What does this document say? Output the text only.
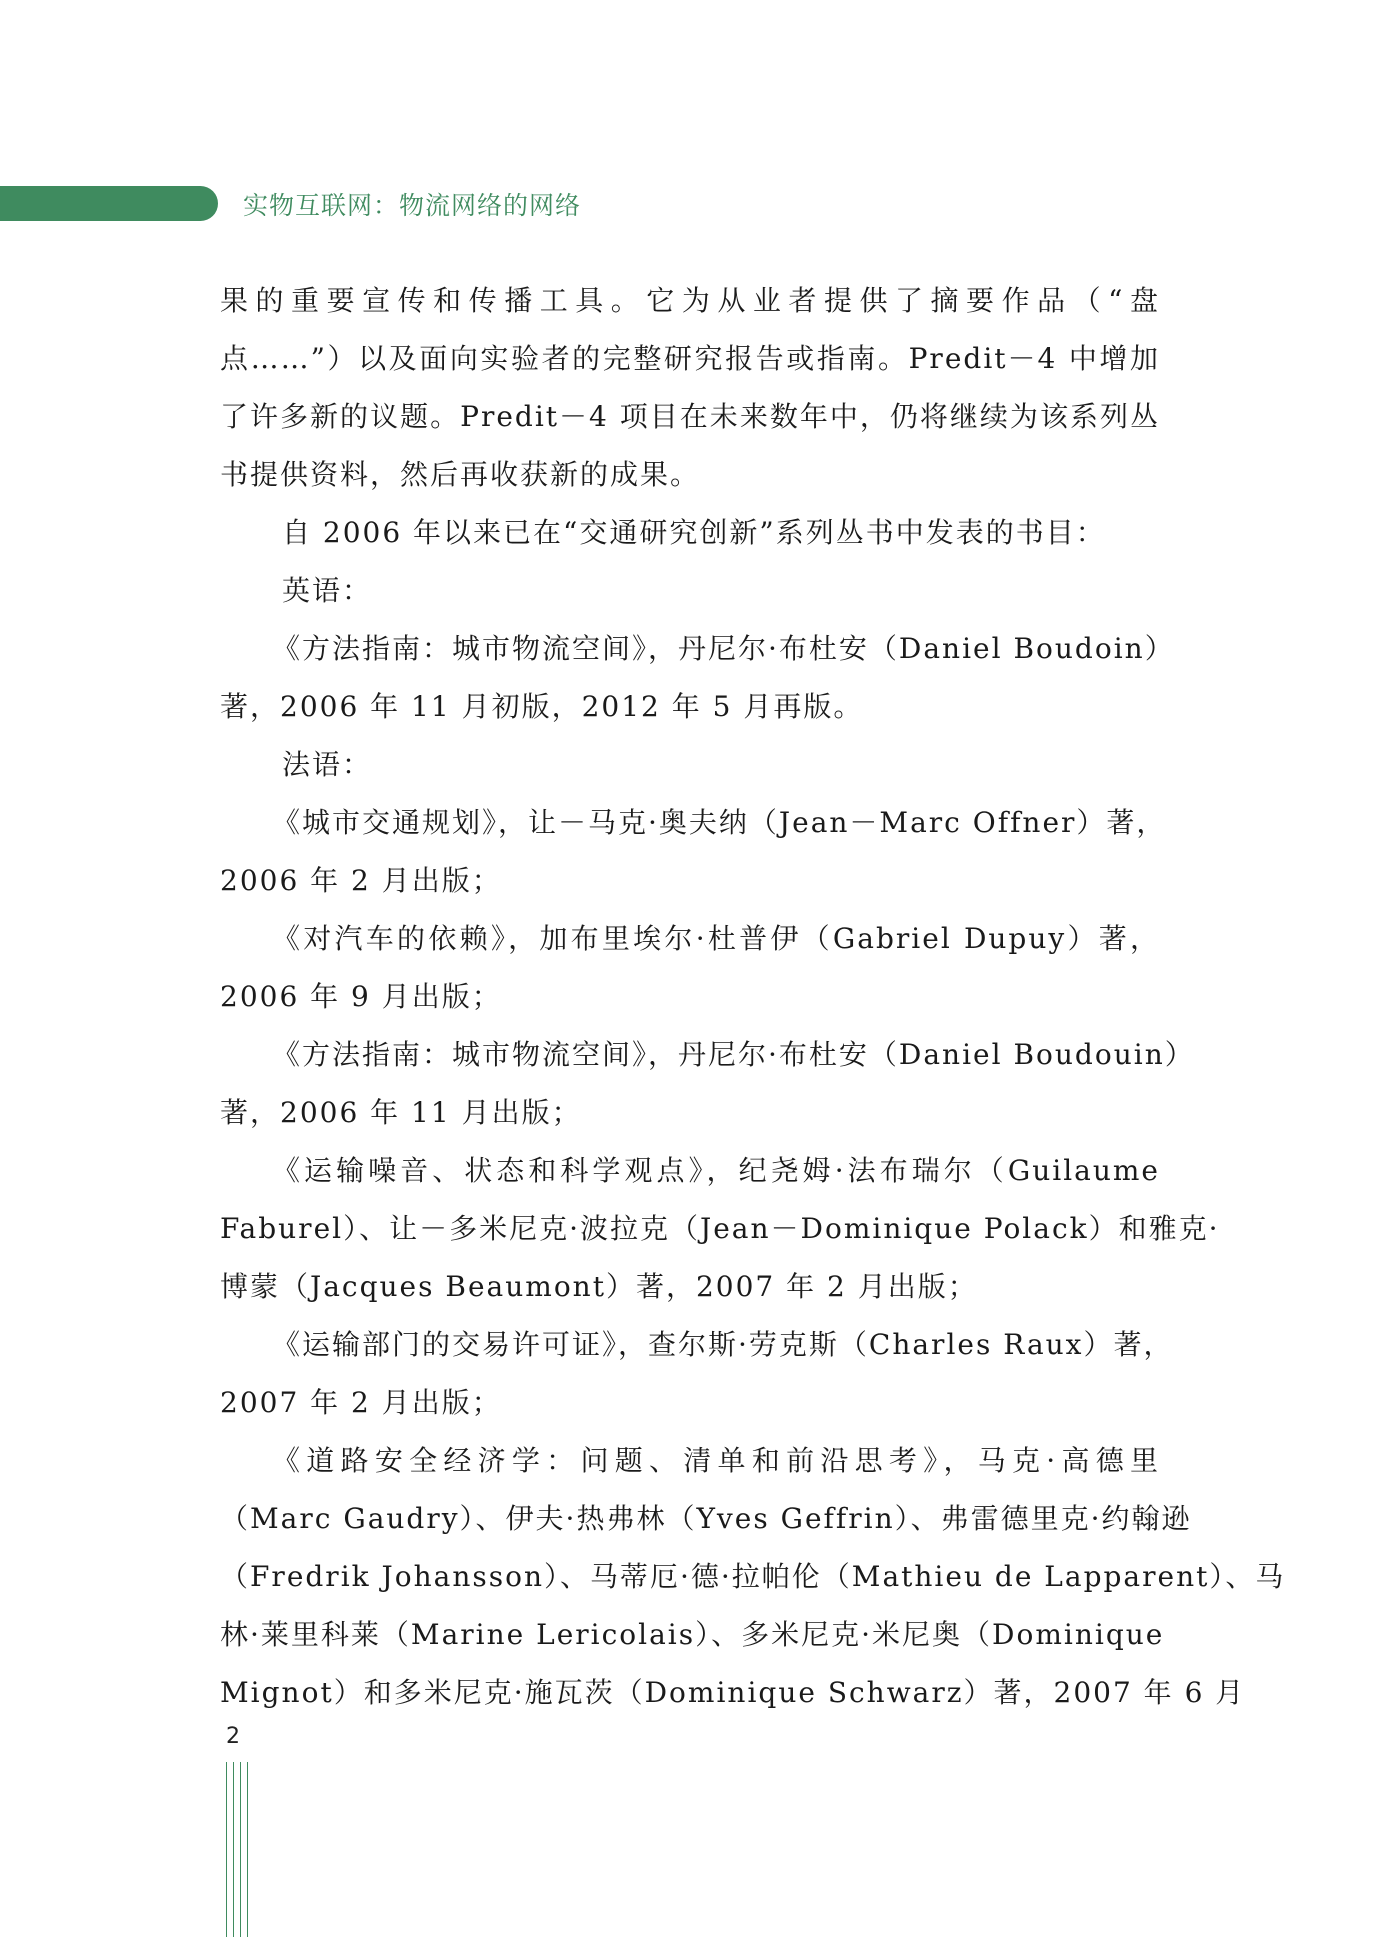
实物互联网：物流网络的网络
果的重要宣传和传播工具。它为从业者提供了摘要作品（“盘
点……”）以及面向实验者的完整研究报告或指南。Predit－4 中增加
了许多新的议题。Predit－4 项目在未来数年中，仍将继续为该系列丛
书提供资料，然后再收获新的成果。
自 2006 年以来已在“交通研究创新”系列丛书中发表的书目：
英语：
《方法指南：城市物流空间》，丹尼尔·布杜安（Daniel Boudoin）
著，2006 年 11 月初版，2012 年 5 月再版。
法语：
《城市交通规划》，让－马克·奥夫纳（Jean－Marc Offner）著，
2006 年 2 月出版；
《对汽车的依赖》，加布里埃尔·杜普伊（Gabriel Dupuy）著，
2006 年 9 月出版；
《方法指南：城市物流空间》，丹尼尔·布杜安（Daniel Boudouin）
著，2006 年 11 月出版；
《运输噪音、状态和科学观点》，纪尧姆·法布瑞尔（Guilaume
Faburel）、让－多米尼克·波拉克（Jean－Dominique Polack）和雅克·
博蒙（Jacques Beaumont）著，2007 年 2 月出版；
《运输部门的交易许可证》，查尔斯·劳克斯（Charles Raux）著，
2007 年 2 月出版；
《道路安全经济学：问题、清单和前沿思考》，马克·高德里
（Marc Gaudry）、伊夫·热弗林（Yves Geffrin）、弗雷德里克·约翰逊
（Fredrik Johansson）、马蒂厄·德·拉帕伦（Mathieu de Lapparent）、马
林·莱里科莱（Marine Lericolais）、多米尼克·米尼奥（Dominique
Mignot）和多米尼克·施瓦茨（Dominique Schwarz）著，2007 年 6 月
2
